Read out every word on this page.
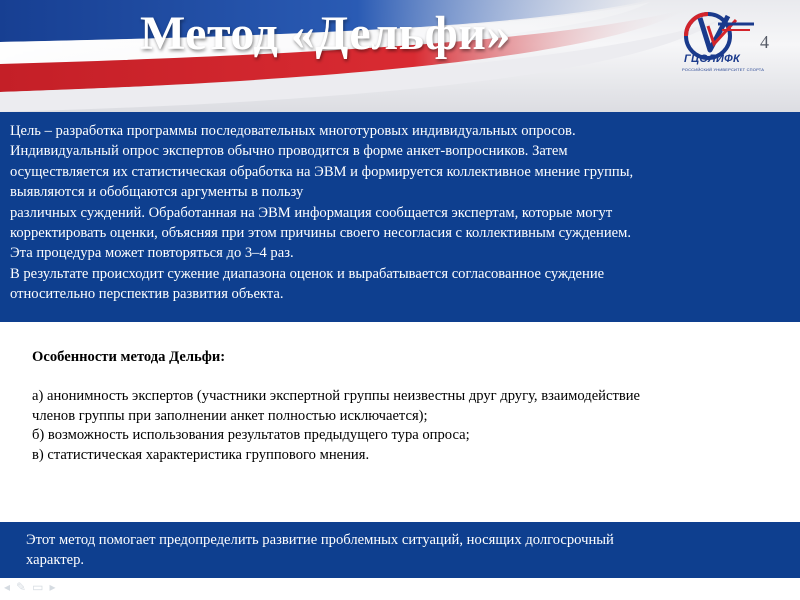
Метод «Дельфи»	ГЦОЛИФК
РОССИЙСКИЙ УНИВЕРСИТЕТ СПОРТА
4
Цель – разработка программы последовательных многотуровых индивидуальных опросов.
Индивидуальный опрос экспертов обычно проводится в форме анкет-вопросников. Затем
осуществляется их статистическая обработка на ЭВМ и формируется коллективное мнение группы,
выявляются и обобщаются аргументы в пользу
различных суждений. Обработанная на ЭВМ информация сообщается экспертам, которые могут
корректировать оценки, объясняя при этом причины своего несогласия с коллективным суждением.
Эта процедура может повторяться до 3–4 раз.
В результате происходит сужение диапазона оценок и вырабатывается согласованное суждение
относительно перспектив развития объекта.
Особенности метода Дельфи:
а) анонимность экспертов (участники экспертной группы неизвестны друг другу, взаимодействие
членов группы при заполнении анкет полностью исключается);
б) возможность использования результатов предыдущего тура опроса;
в) статистическая характеристика группового мнения.
Этот метод помогает предопределить развитие проблемных ситуаций, носящих долгосрочный
характер.
◂ ✎ ▭ ▸
